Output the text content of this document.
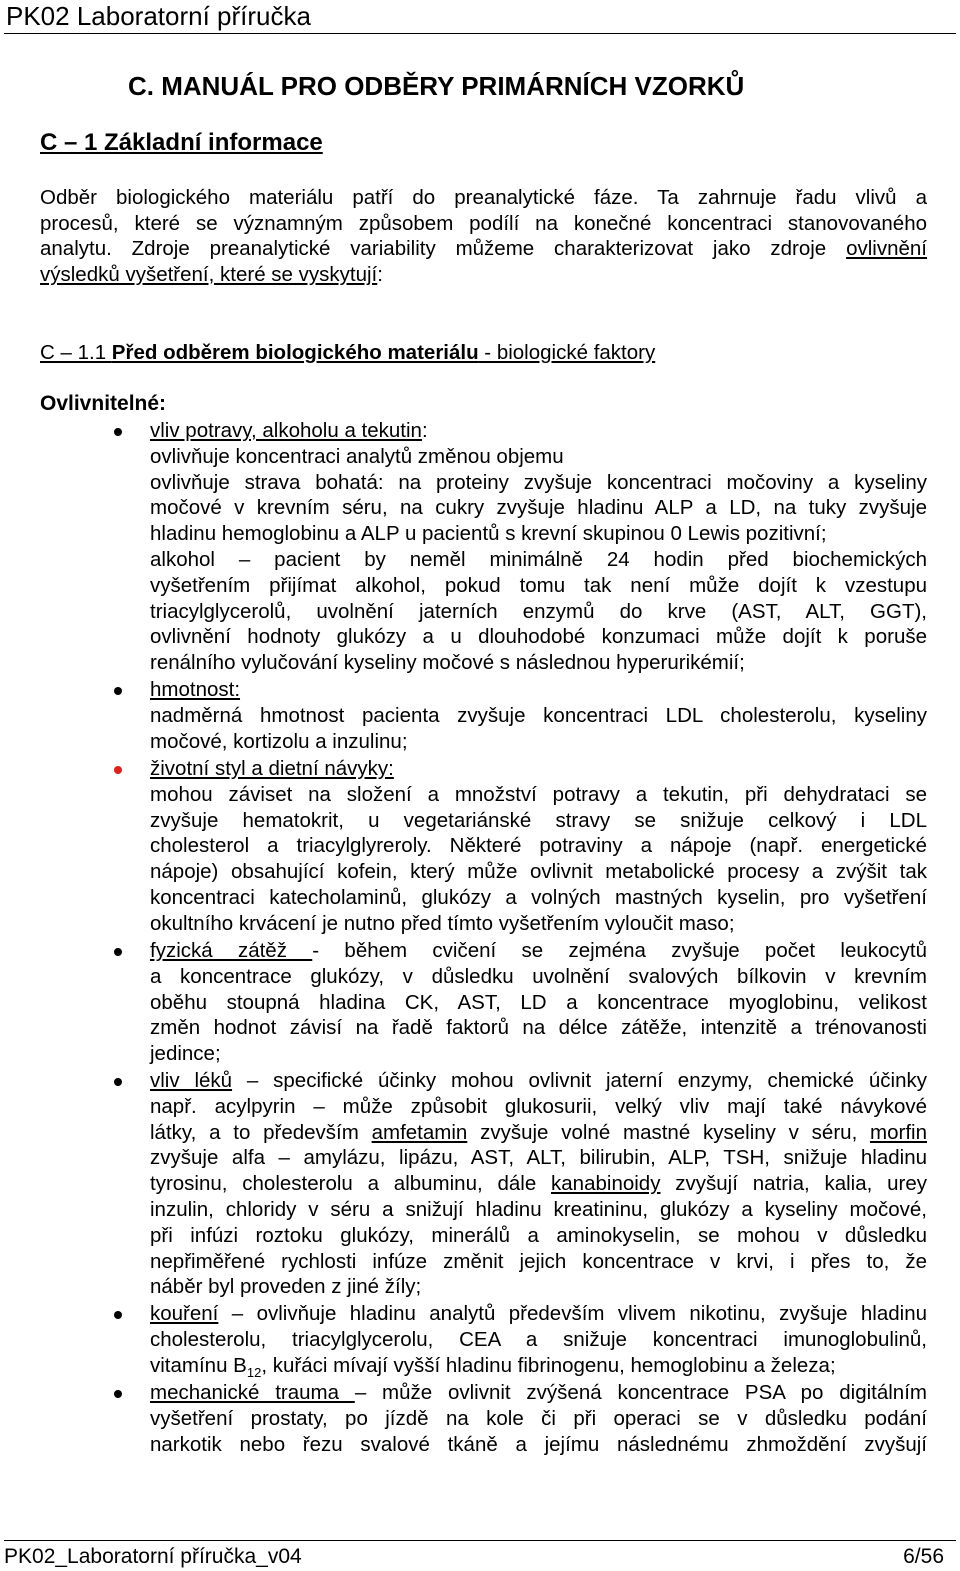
PK02 Laboratorní příručka
C. MANUÁL PRO ODBĚRY PRIMÁRNÍCH VZORKŮ
C – 1 Základní informace
Odběr biologického materiálu patří do preanalytické fáze. Ta zahrnuje řadu vlivů a
procesů, které se významným způsobem podílí na konečné koncentraci stanovovaného
analytu. Zdroje preanalytické variability můžeme charakterizovat jako zdroje ovlivnění
výsledků vyšetření, které se vyskytují:
C – 1.1 Před odběrem biologického materiálu - biologické faktory
Ovlivnitelné:
vliv potravy, alkoholu a tekutin:
ovlivňuje koncentraci analytů změnou objemu
ovlivňuje strava bohatá: na proteiny zvyšuje koncentraci močoviny a kyseliny
močové v krevním séru, na cukry zvyšuje hladinu ALP a LD, na tuky zvyšuje
hladinu hemoglobinu a ALP u pacientů s krevní skupinou 0 Lewis pozitivní;
alkohol – pacient by neměl minimálně 24 hodin před biochemických
vyšetřením přijímat alkohol, pokud tomu tak není může dojít k vzestupu
triacylglycerolů, uvolnění jaterních enzymů do krve (AST, ALT, GGT),
ovlivnění hodnoty glukózy a u dlouhodobé konzumaci může dojít k poruše
renálního vylučování kyseliny močové s následnou hyperurikémií;
hmotnost:
nadměrná hmotnost pacienta zvyšuje koncentraci LDL cholesterolu, kyseliny
močové, kortizolu a inzulinu;
životní styl a dietní návyky:
mohou záviset na složení a množství potravy a tekutin, při dehydrataci se
zvyšuje hematokrit, u vegetariánské stravy se snižuje celkový i LDL
cholesterol a triacylglyreroly. Některé potraviny a nápoje (např. energetické
nápoje) obsahující kofein, který může ovlivnit metabolické procesy a zvýšit tak
koncentraci katecholaminů, glukózy a volných mastných kyselin, pro vyšetření
okultního krvácení je nutno před tímto vyšetřením vyloučit maso;
fyzická zátěž - během cvičení se zejména zvyšuje počet leukocytů
a koncentrace glukózy, v důsledku uvolnění svalových bílkovin v krevním
oběhu stoupná hladina CK, AST, LD a koncentrace myoglobinu, velikost
změn hodnot závisí na řadě faktorů na délce zátěže, intenzitě a trénovanosti
jedince;
vliv léků – specifické účinky mohou ovlivnit jaterní enzymy, chemické účinky
např. acylpyrin – může způsobit glukosurii, velký vliv mají také návykové
látky, a to především amfetamin zvyšuje volné mastné kyseliny v séru, morfin
zvyšuje alfa – amylázu, lipázu, AST, ALT, bilirubin, ALP, TSH, snižuje hladinu
tyrosinu, cholesterolu a albuminu, dále kanabinoidy zvyšují natria, kalia, urey
inzulin, chloridy v séru a snižují hladinu kreatininu, glukózy a kyseliny močové,
při infúzi roztoku glukózy, minerálů a aminokyselin, se mohou v důsledku
nepřiměřené rychlosti infúze změnit jejich koncentrace v krvi, i přes to, že
náběr byl proveden z jiné žíly;
kouření – ovlivňuje hladinu analytů především vlivem nikotinu, zvyšuje hladinu
cholesterolu, triacylglycerolu, CEA a snižuje koncentraci imunoglobulinů,
vitamínu $B_{12}$, kuřáci mívají vyšší hladinu fibrinogenu, hemoglobinu a železa;
mechanické trauma – může ovlivnit zvýšená koncentrace PSA po digitálním
vyšetření prostaty, po jízdě na kole či při operaci se v důsledku podání
narkotik nebo řezu svalové tkáně a jejímu následnému zhmoždění zvyšují
PK02_Laboratorní příručka_v04	6/56
